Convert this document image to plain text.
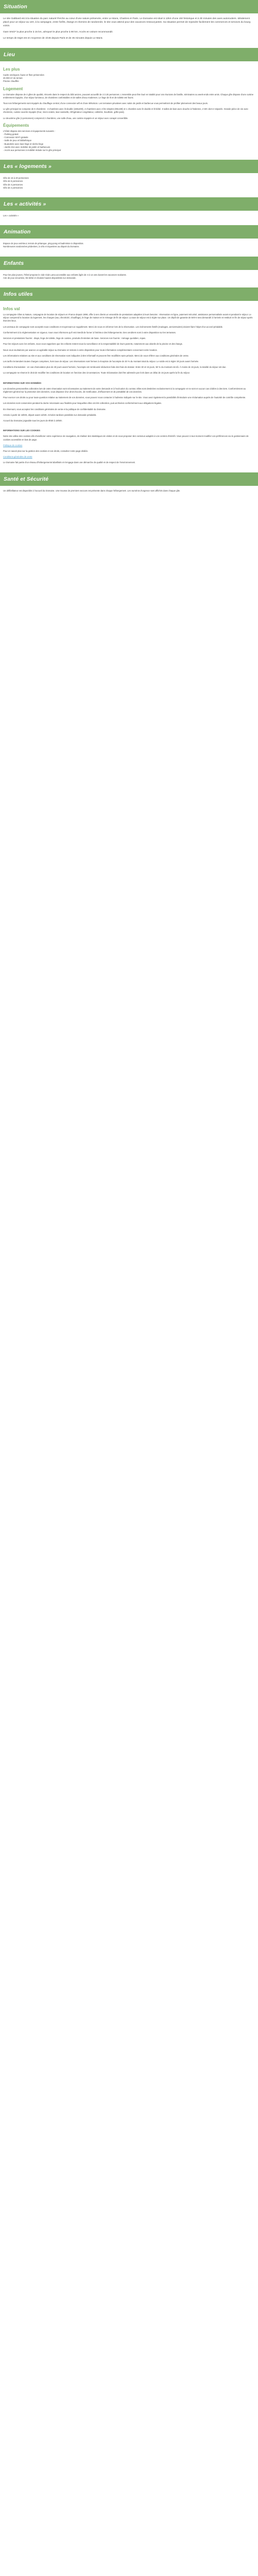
Situation
Le site Gabbard est à la situation du parc naturel Perche au cœur d'une nature préservée, entre Le Mans, Chartres et Paris. Le Domaine est situé à 12km d'une cité historique et à 30 minutes des axes autoroutiers. Idéalement placé pour un séjour au vert, à la campagne, entre forêts, étangs et chemins de randonnée, le site vous attend pour des vacances ressourçantes. Sa situation permet de rejoindre facilement les commerces et services du bourg voisin.
Gare SNCF la plus proche à 15 km, aéroport le plus proche à 90 km. Accès en voiture recommandé.
Le temps de trajet est en moyenne de 1h45 depuis Paris et de 45 minutes depuis Le Mans.
Lieu
Les plus
Cadre verdoyant, faune et flore préservées
25 000 m² de terrain
Piscine chauffée
Logement
Le Domaine dispose de 4 gîtes de qualité, rénovés dans le respect du bâti ancien, pouvant accueillir de 2 à 20 personnes. L'ensemble peut être loué en totalité pour vos réunions de famille, séminaires ou week-ends entre amis. Chaque gîte dispose d'une cuisine entièrement équipée, d'un séjour lumineux, de chambres confortables et de salles d'eau modernes. Le linge de lit et de toilette est fourni.
Tous nos hébergements sont équipés du chauffage central, d'une connexion wifi et d'une télévision. Les terrasses privatives avec salon de jardin et barbecue vous permettront de profiter pleinement des beaux jours.
Le gîte principal se compose de 6 chambres : 3 chambres avec lit double (160x200), 2 chambres avec 2 lits simples (90x190) et 1 chambre avec lit double et lit bébé. 3 salles de bain avec douche à l'italienne, 4 WC dont 2 séparés. Grande pièce de vie avec cheminée, cuisine ouverte équipée (four, micro-ondes, lave-vaisselle, réfrigérateur congélateur, cafetière, bouilloire, grille-pain).
Le deuxième gîte (4 personnes) comprend 2 chambres, une salle d'eau, une cuisine équipée et un séjour avec canapé convertible.
Équipements
L'hôtel dispose des services et équipements suivants :
- Parking gratuit
- Connexion Wi-Fi gratuite
- Salle de jeux et bibliothèque
- Buanderie avec lave-linge et sèche-linge
- Jardin clos avec mobilier de jardin et barbecues
- Accès aux personnes à mobilité réduite sur le gîte principal
Les « logements »
Gîte de 15 à 20 personnes
Gîte de 6 personnes
Gîte de 4 personnes
Gîte de 2 personnes
Les « activités »
Les « activités »
Animation
Espace de jeux extérieur, terrain de pétanque, ping-pong et badminton à disposition.
Nombreuses randonnées pédestres, à vélo et équestres au départ du Domaine.
Enfants
Pour les plus jeunes, l'hôtel propose le club Club Lama accessible aux enfants âgés de 4 à 12 ans durant les vacances scolaires.
Aire de jeux sécurisée, lits bébé et chaises hautes disponibles sur demande.
Infos utiles
Infos val
La compagnie Gîtes & Nature, compagnie de location de séjours en France depuis 1998, offre à ses clients un ensemble de prestations adaptées à leurs besoins : réservation en ligne, paiement sécurisé, assistance personnalisée avant et pendant le séjour. Le séjour comprend la location du logement, les charges (eau, électricité, chauffage), le linge de maison et le ménage de fin de séjour. La taxe de séjour est à régler sur place. Un dépôt de garantie de 500 € sera demandé à l'arrivée et restitué en fin de séjour après état des lieux.
Les animaux de compagnie sont acceptés sous conditions et moyennant un supplément. Merci de nous en informer lors de la réservation. Les événements festifs (mariages, anniversaires) doivent faire l'objet d'un accord préalable.
Conformément à la réglementation en vigueur, nous vous informons qu'il est interdit de fumer à l'intérieur des hébergements. Des cendriers sont à votre disposition sur les terrasses.
Services et prestations fournis : draps, linge de toilette, linge de cuisine, produits d'entretien de base. Services non fournis : ménage quotidien, repas.
Pour les séjours avec les enfants, nous vous rappelons que les enfants restent sous la surveillance et la responsabilité de leurs parents, notamment aux abords de la piscine et des étangs.
Nous vous souhaitons par avance un agréable séjour au Domaine et restons à votre disposition pour toute information complémentaire concernant votre location.
Les informations relatives au site et aux conditions de réservation sont indiquées à titre informatif et peuvent être modifiées sans préavis. Merci de vous référer aux conditions générales de vente.
Les tarifs s'entendent toutes charges comprises, hors taxe de séjour. Les réservations sont fermes à réception de l'acompte de 30 % du montant total du séjour. Le solde est à régler 30 jours avant l'arrivée.
Conditions d'annulation : en cas d'annulation plus de 30 jours avant l'arrivée, l'acompte est remboursé déduction faite des frais de dossier. Entre 30 et 15 jours, 50 % du montant est dû. À moins de 15 jours, la totalité du séjour est due.
La compagnie se réserve le droit de modifier les conditions de location en fonction des circonstances. Toute réclamation doit être adressée par écrit dans un délai de 15 jours après la fin du séjour.
INFORMATIONS SUR VOS DONNÉES
Les données personnelles collectées lors de votre réservation sont nécessaires au traitement de votre demande et à l'exécution du contrat. Elles sont destinées exclusivement à la compagnie et ne sont en aucun cas cédées à des tiers. Conformément au règlement général sur la protection des données, vous disposez d'un droit d'accès, de rectification, d'effacement et de portabilité de vos données.
Pour exercer ces droits ou pour toute question relative au traitement de vos données, vous pouvez nous contacter à l'adresse indiquée sur le site. Vous avez également la possibilité d'introduire une réclamation auprès de l'autorité de contrôle compétente.
Les données sont conservées pendant la durée nécessaire aux finalités pour lesquelles elles ont été collectées, puis archivées conformément aux obligations légales.
En réservant, vous acceptez les conditions générales de vente et la politique de confidentialité du Domaine.
Arrivée à partir de 16h00, départ avant 11h00. Arrivées tardives possibles sur demande préalable.
Accueil du Domaine joignable tous les jours de 9h00 à 19h00.
INFORMATIONS SUR LES COOKIES
Notre site utilise des cookies afin d'améliorer votre expérience de navigation, de réaliser des statistiques de visites et de vous proposer des contenus adaptés à vos centres d'intérêt. Vous pouvez à tout moment modifier vos préférences via le gestionnaire de cookies accessible en bas de page.
Politique de cookies
Pour en savoir plus sur la gestion des cookies et vos droits, consultez notre page dédiée.
Conditions générales de vente
Le Domaine fait partie d'un réseau d'hébergements labellisés et s'engage dans une démarche de qualité et de respect de l'environnement.
Santé et Sécurité
Un défibrillateur est disponible à l'accueil du Domaine. Une trousse de premiers secours est présente dans chaque hébergement. Les numéros d'urgence sont affichés dans chaque gîte.
